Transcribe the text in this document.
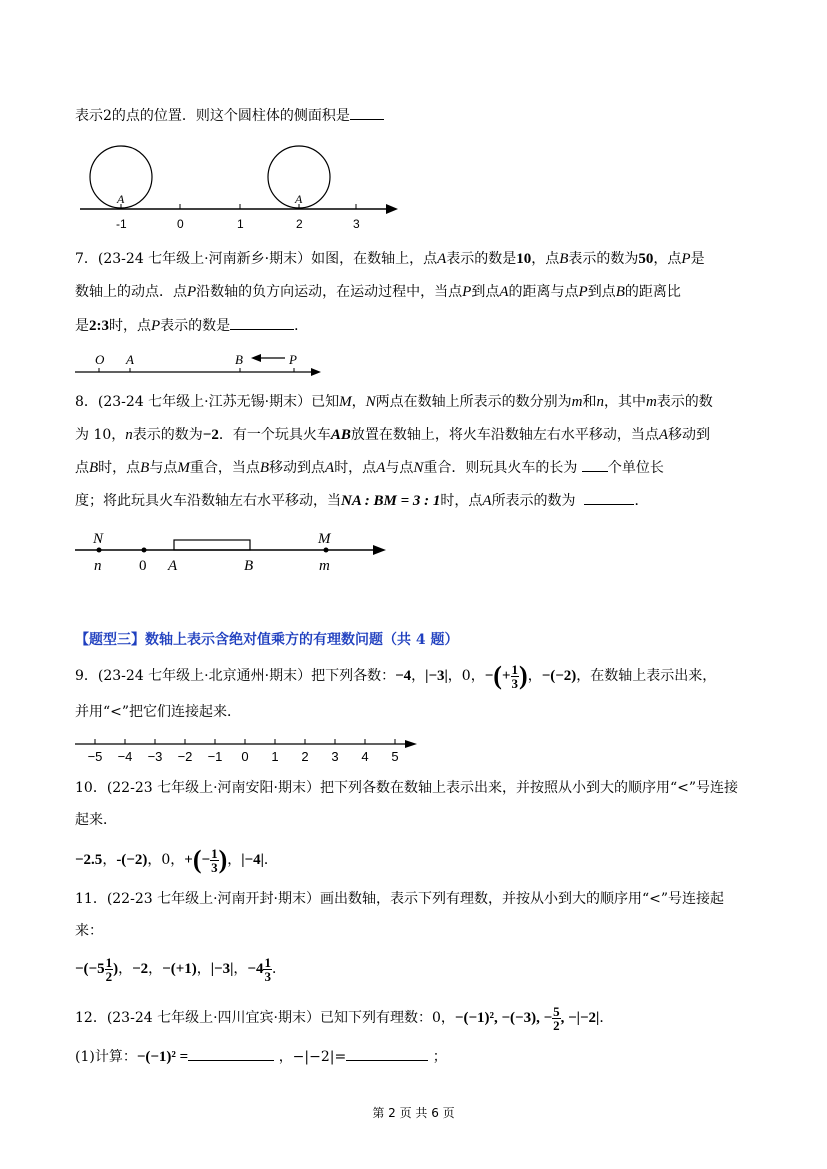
表示2的点的位置．则这个圆柱体的侧面积是
A	A
-1	0	1	2	3
7．(23-24 七年级上·河南新乡·期末）如图，在数轴上，点A表示的数是10，点B表示的数为50，点P是
数轴上的动点．点P沿数轴的负方向运动，在运动过程中，当点P到点A的距离与点P到点B的距离比
是2:3时，点P表示的数是	．
O A	B	P
8．(23-24 七年级上·江苏无锡·期末）已知M，N两点在数轴上所表示的数分别为m和n，其中m表示的数
为 10，n表示的数为−2．有一个玩具火车AB放置在数轴上，将火车沿数轴左右水平移动，当点A移动到
点B时，点B与点M重合，当点B移动到点A时，点A与点N重合．则玩具火车的长为 个单位长
度；将此玩具火车沿数轴左右水平移动，当NA : BM = 3 : 1时，点A所表示的数为	．
N
n	0 A	B
M
m
【题型三】数轴上表示含绝对值乘方的有理数问题（共 4 题）
9．(23-24 七年级上·北京通州·期末）把下列各数：−4，|−3|，0，−(+ $\frac{1}{3}$ )，−(−2)，在数轴上表示出来，
并用“<”把它们连接起来．
−5 −4 −3 −2 −1 0 1 2 3 4 5
10．(22-23 七年级上·河南安阳·期末）把下列各数在数轴上表示出来，并按照从小到大的顺序用“<”号连接
起来．
−2.5，-(−2)，0，+(− $\frac{1}{3}$ )，|−4|．
11．(22-23 七年级上·河南开封·期末）画出数轴，表示下列有理数，并按从小到大的顺序用“<”号连接起
来：
$-(-5 \frac{1}{2}$ )，−2，−(+1)，|−3|，$-4 \frac{1}{3}$ ．
12．(23-24 七年级上·四川宜宾·期末）已知下列有理数：0，−(−1)², −(−3), − $\frac{5}{2}$ , −|−2|．
(1)计算：−(−1)² =	，−|−2|=	；
第 2 页 共 6 页
